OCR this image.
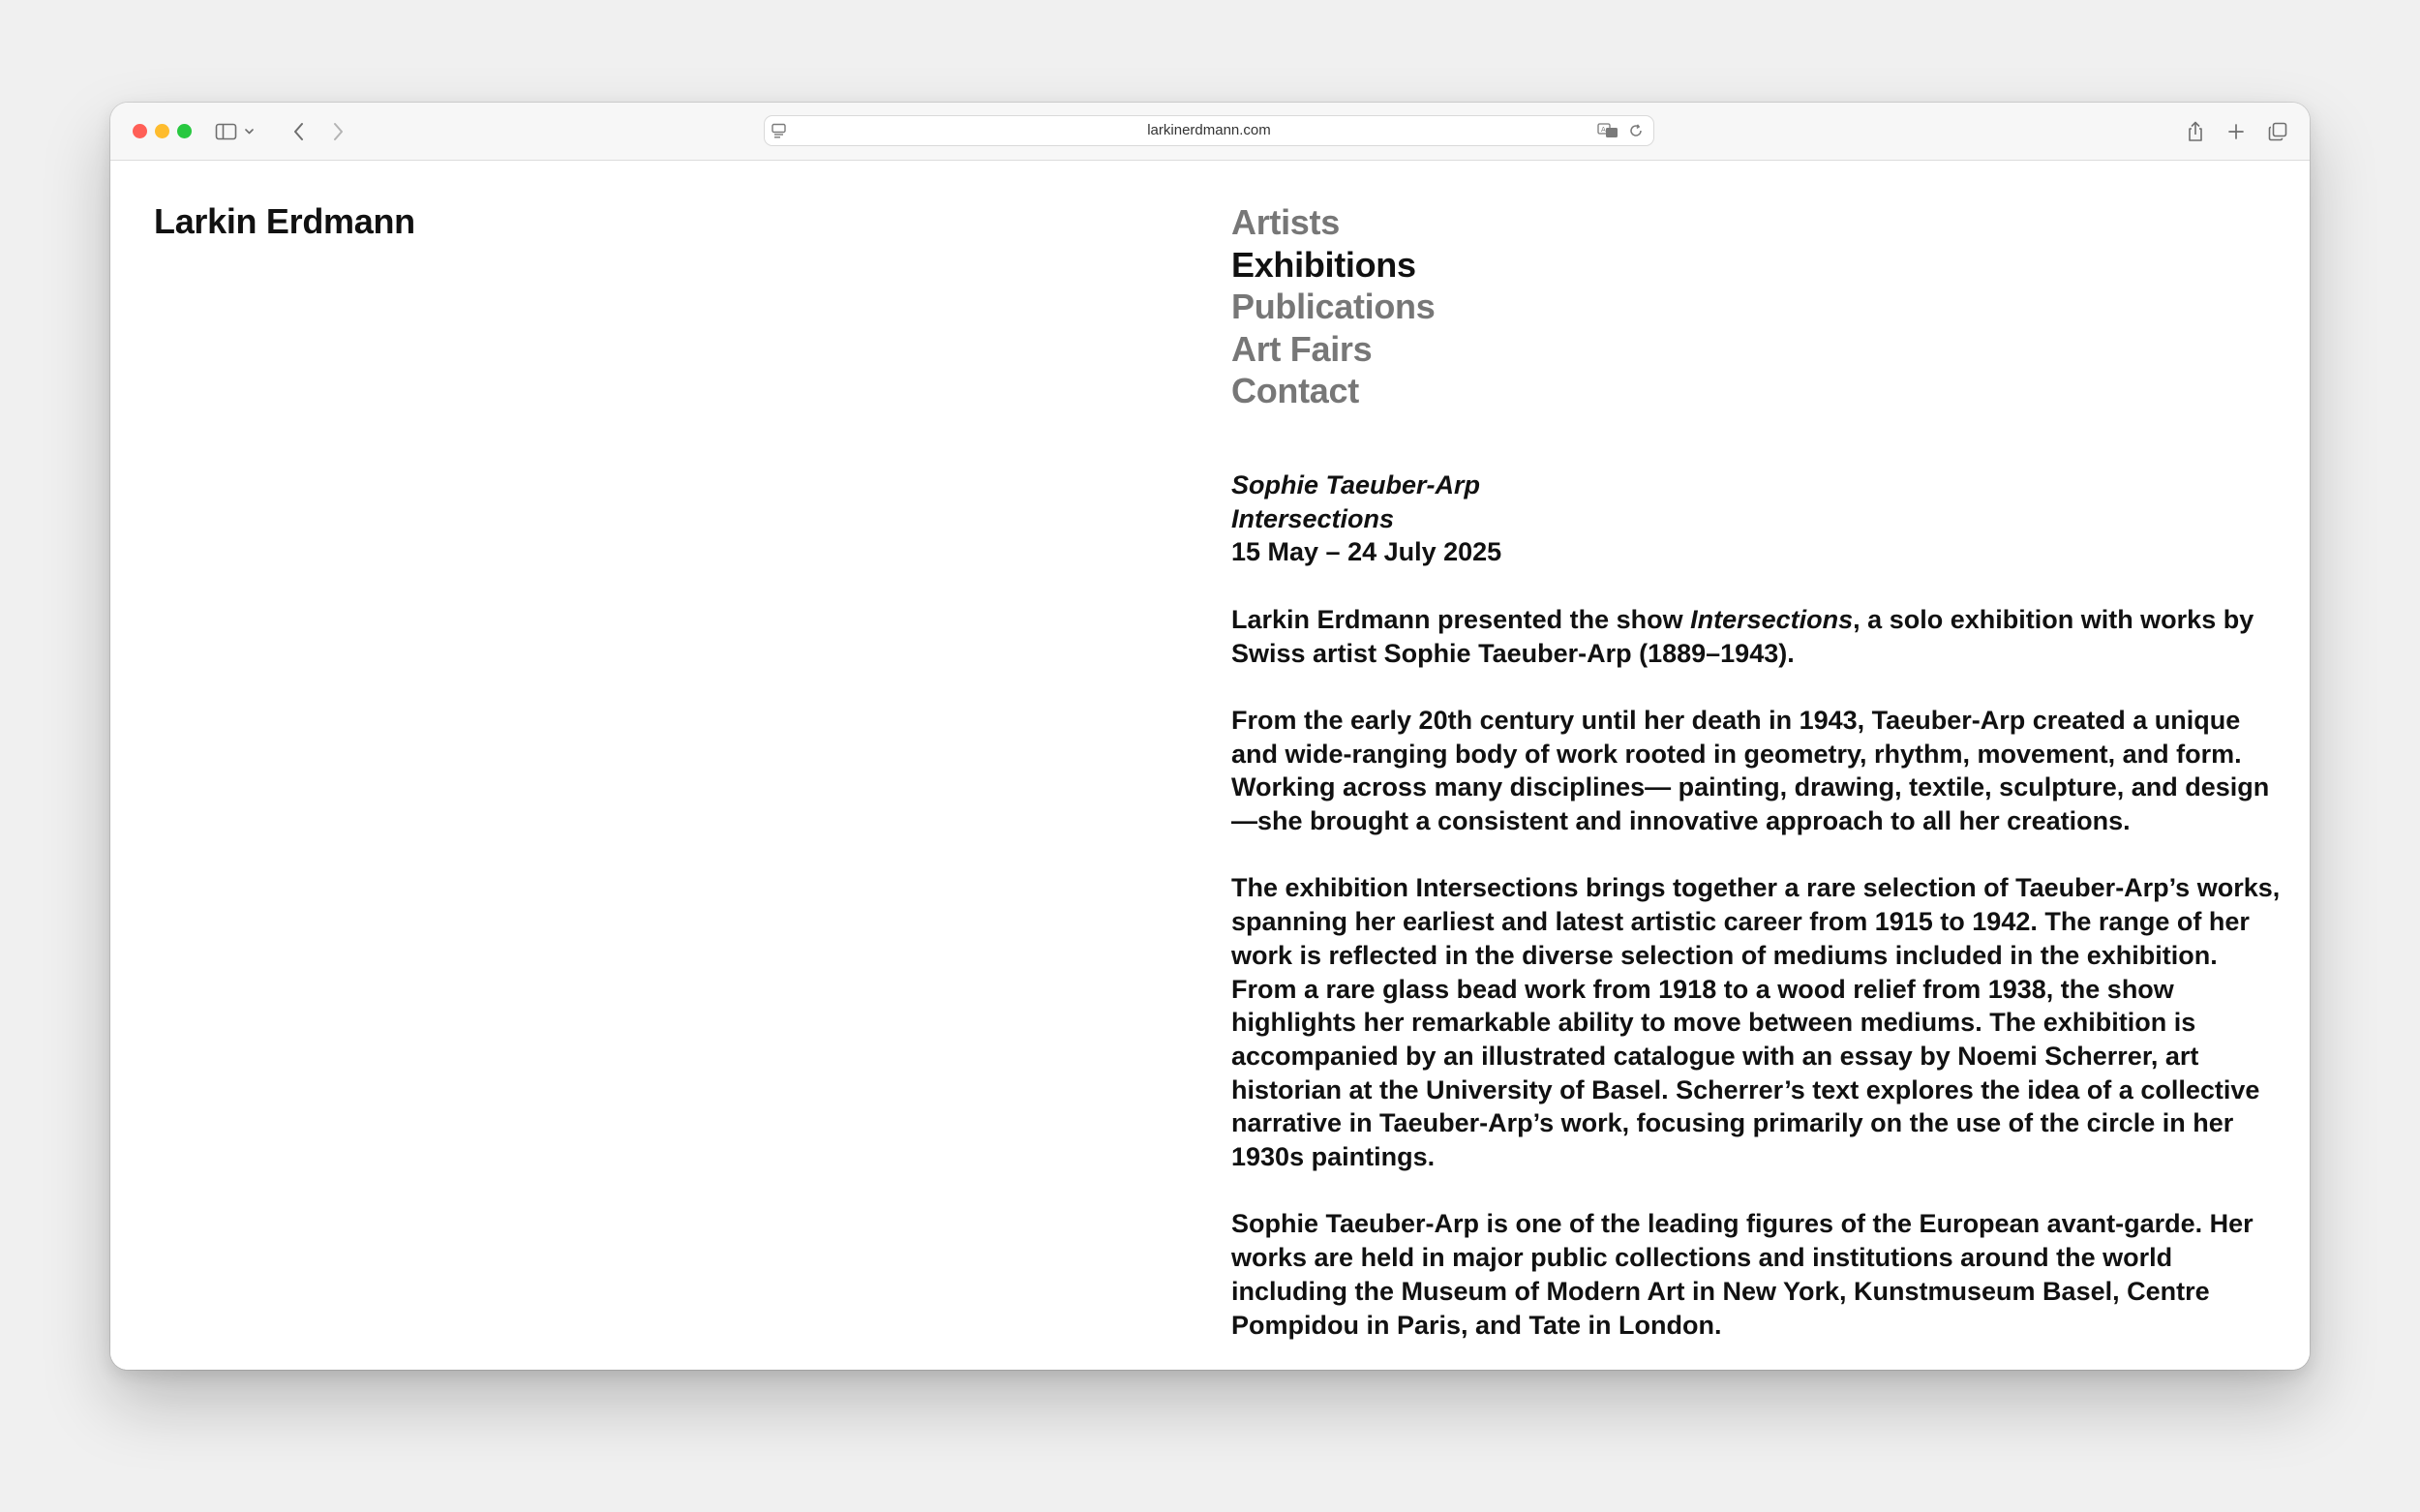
larkinerdmann.com	A
Larkin Erdmann	Artists
Exhibitions
Publications
Art Fairs
Contact
Sophie Taeuber-Arp
Intersections
15 May – 24 July 2025

Larkin Erdmann presented the show Intersections, a solo exhibition with works by Swiss artist Sophie Taeuber-Arp (1889–1943).

From the early 20th century until her death in 1943, Taeuber-Arp created a unique and wide-ranging body of work rooted in geometry, rhythm, movement, and form. Working across many disciplines— painting, drawing, textile, sculpture, and design—she brought a consistent and innovative approach to all her creations.

The exhibition Intersections brings together a rare selection of Taeuber-Arp’s works, spanning her earliest and latest artistic career from 1915 to 1942. The range of her work is reflected in the diverse selection of mediums included in the exhibition. From a rare glass bead work from 1918 to a wood relief from 1938, the show highlights her remarkable ability to move between mediums. The exhibition is accompanied by an illustrated catalogue with an essay by Noemi Scherrer, art historian at the University of Basel. Scherrer’s text explores the idea of a collective narrative in Taeuber-Arp’s work, focusing primarily on the use of the circle in her 1930s paintings.

Sophie Taeuber-Arp is one of the leading figures of the European avant-garde. Her works are held in major public collections and institutions around the world including the Museum of Modern Art in New York, Kunstmuseum Basel, Centre Pompidou in Paris, and Tate in London.
